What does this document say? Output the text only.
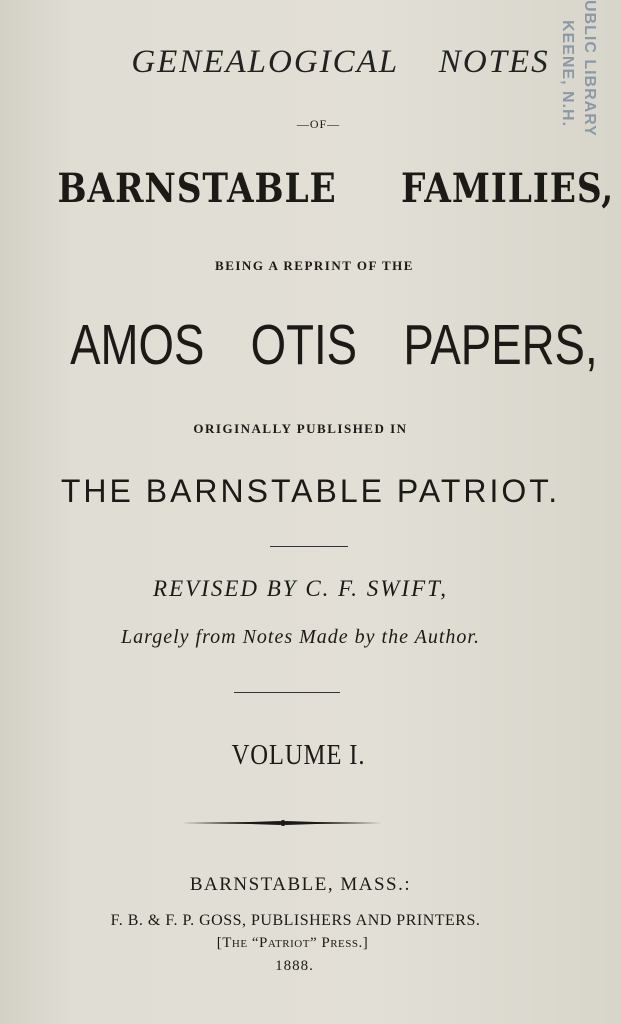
GENEALOGICAL NOTES
—OF—
BARNSTABLE FAMILIES,
BEING A REPRINT OF THE
AMOS OTIS PAPERS,
ORIGINALLY PUBLISHED IN
THE BARNSTABLE PATRIOT.
REVISED BY C. F. SWIFT,
Largely from Notes Made by the Author.
VOLUME I.
BARNSTABLE, MASS.:
F. B. & F. P. GOSS, PUBLISHERS AND PRINTERS.
[The “Patriot” Press.]
1888.
UBLIC LIBRARY
KEENE, N.H.
